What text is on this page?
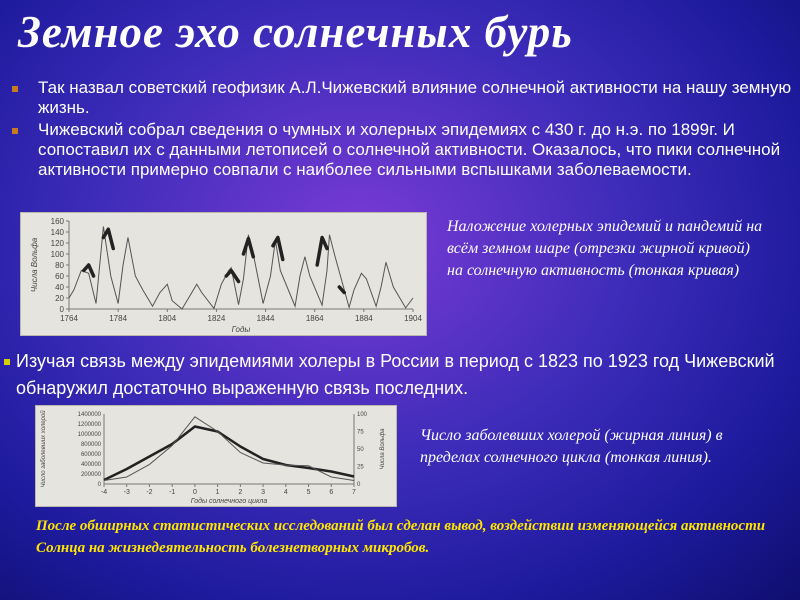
Земное эхо солнечных бурь
Так назвал советский геофизик А.Л.Чижевский влияние солнечной активности на нашу земную жизнь.
Чижевский собрал сведения о чумных и холерных эпидемиях с 430 г. до н.э. по 1899г. И сопоставил их с данными летописей о солнечной активности. Оказалось, что пики солнечной активности примерно совпали с наиболее сильными вспышками заболеваемости.
0
20
40
60
80
100
120
140
160
1764	1784	1804	1824	1844	1864	1884	1904
Годы
Числа Вольфа
Наложение холерных эпидемий и пандемий на всём земном шаре (отрезки жирной кривой) на солнечную активность (тонкая кривая)
Изучая связь между эпидемиями холеры в России в период с 1823 по 1923 год Чижевский обнаружил достаточно выраженную связь последних.
0
200000
400000
600000
800000
1000000
1200000
1400000
0
25
50
75
100
-4 -3 -2 -1	0	1	2	3	4	5	6	7
Годы солнечного цикла
Число заболевших холерой	Числа Вольфа Число заболевших холерой (жирная линия) в пределах солнечного цикла (тонкая линия).
После обширных статистических исследований был сделан вывод, воздействии изменяющейся активности Солнца на жизнедеятельность болезнетворных микробов.
